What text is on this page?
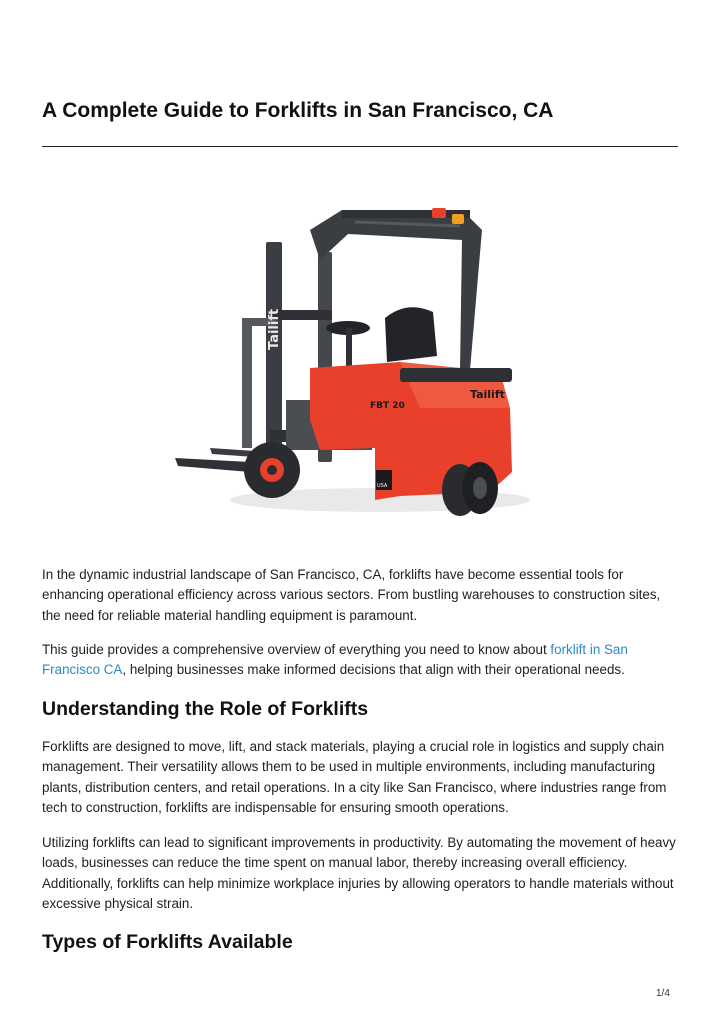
A Complete Guide to Forklifts in San Francisco, CA
Tailift
FBT 20
Tailift
USA

In the dynamic industrial landscape of San Francisco, CA, forklifts have become essential tools for enhancing operational efficiency across various sectors. From bustling warehouses to construction sites, the need for reliable material handling equipment is paramount.

This guide provides a comprehensive overview of everything you need to know about forklift in San Francisco CA, helping businesses make informed decisions that align with their operational needs.

Understanding the Role of Forklifts

Forklifts are designed to move, lift, and stack materials, playing a crucial role in logistics and supply chain management. Their versatility allows them to be used in multiple environments, including manufacturing plants, distribution centers, and retail operations. In a city like San Francisco, where industries range from tech to construction, forklifts are indispensable for ensuring smooth operations.

Utilizing forklifts can lead to significant improvements in productivity. By automating the movement of heavy loads, businesses can reduce the time spent on manual labor, thereby increasing overall efficiency. Additionally, forklifts can help minimize workplace injuries by allowing operators to handle materials without excessive physical strain.

Types of Forklifts Available
1/4
